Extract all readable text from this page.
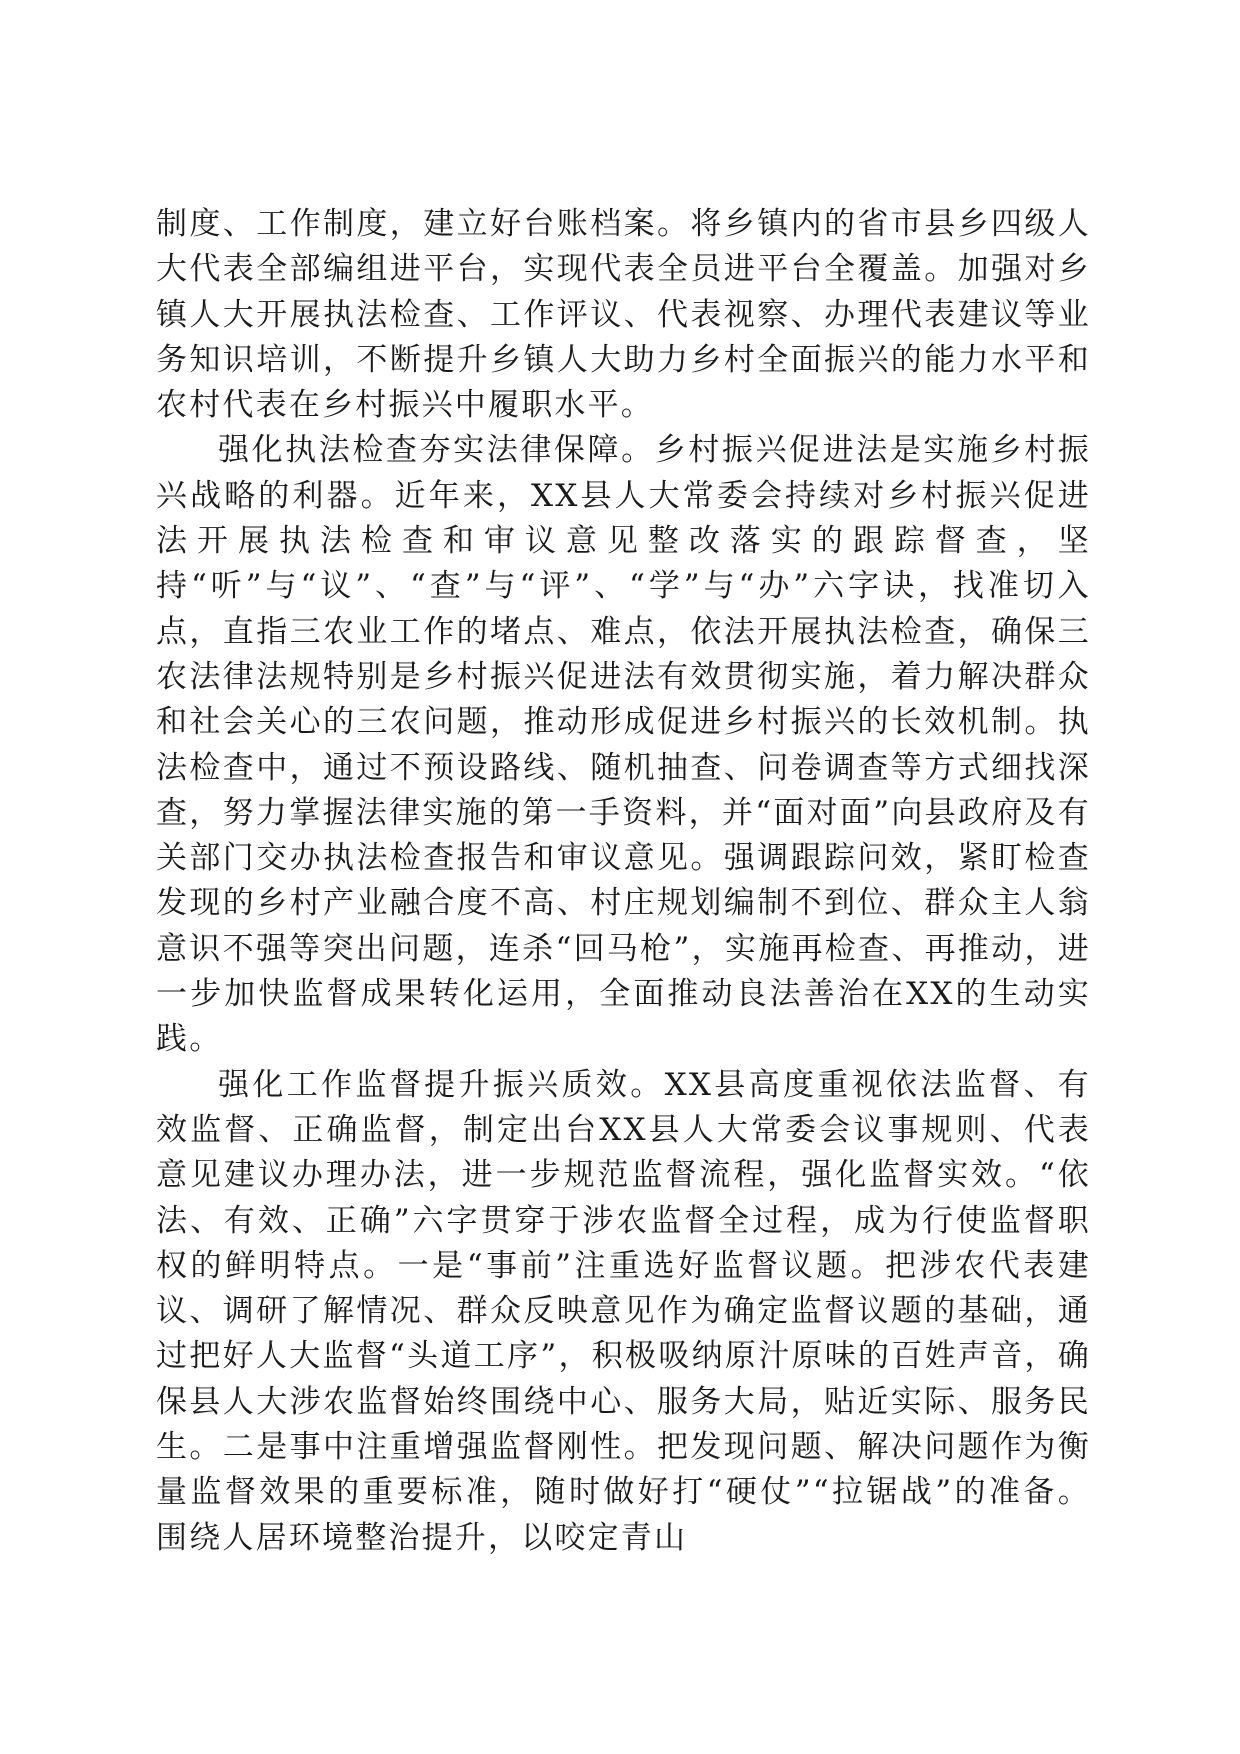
制度、工作制度，建立好台账档案。将乡镇内的省市县乡四级人大代表全部编组进平台，实现代表全员进平台全覆盖。加强对乡镇人大开展执法检查、工作评议、代表视察、办理代表建议等业务知识培训，不断提升乡镇人大助力乡村全面振兴的能力水平和农村代表在乡村振兴中履职水平。

强化执法检查夯实法律保障。乡村振兴促进法是实施乡村振兴战略的利器。近年来，XX县人大常委会持续对乡村振兴促进法开展执法检查和审议意见整改落实的跟踪督查，坚持“听”与“议”、“查”与“评”、“学”与“办”六字诀，找准切入点，直指三农业工作的堵点、难点，依法开展执法检查，确保三农法律法规特别是乡村振兴促进法有效贯彻实施，着力解决群众和社会关心的三农问题，推动形成促进乡村振兴的长效机制。执法检查中，通过不预设路线、随机抽查、问卷调查等方式细找深查，努力掌握法律实施的第一手资料，并“面对面”向县政府及有关部门交办执法检查报告和审议意见。强调跟踪问效，紧盯检查发现的乡村产业融合度不高、村庄规划编制不到位、群众主人翁意识不强等突出问题，连杀“回马枪”，实施再检查、再推动，进一步加快监督成果转化运用，全面推动良法善治在XX的生动实践。

强化工作监督提升振兴质效。XX县高度重视依法监督、有效监督、正确监督，制定出台XX县人大常委会议事规则、代表意见建议办理办法，进一步规范监督流程，强化监督实效。“依法、有效、正确”六字贯穿于涉农监督全过程，成为行使监督职权的鲜明特点。一是“事前”注重选好监督议题。把涉农代表建议、调研了解情况、群众反映意见作为确定监督议题的基础，通过把好人大监督“头道工序”，积极吸纳原汁原味的百姓声音，确保县人大涉农监督始终围绕中心、服务大局，贴近实际、服务民生。二是事中注重增强监督刚性。把发现问题、解决问题作为衡量监督效果的重要标准，随时做好打“硬仗”“拉锯战”的准备。围绕人居环境整治提升，以咬定青山
